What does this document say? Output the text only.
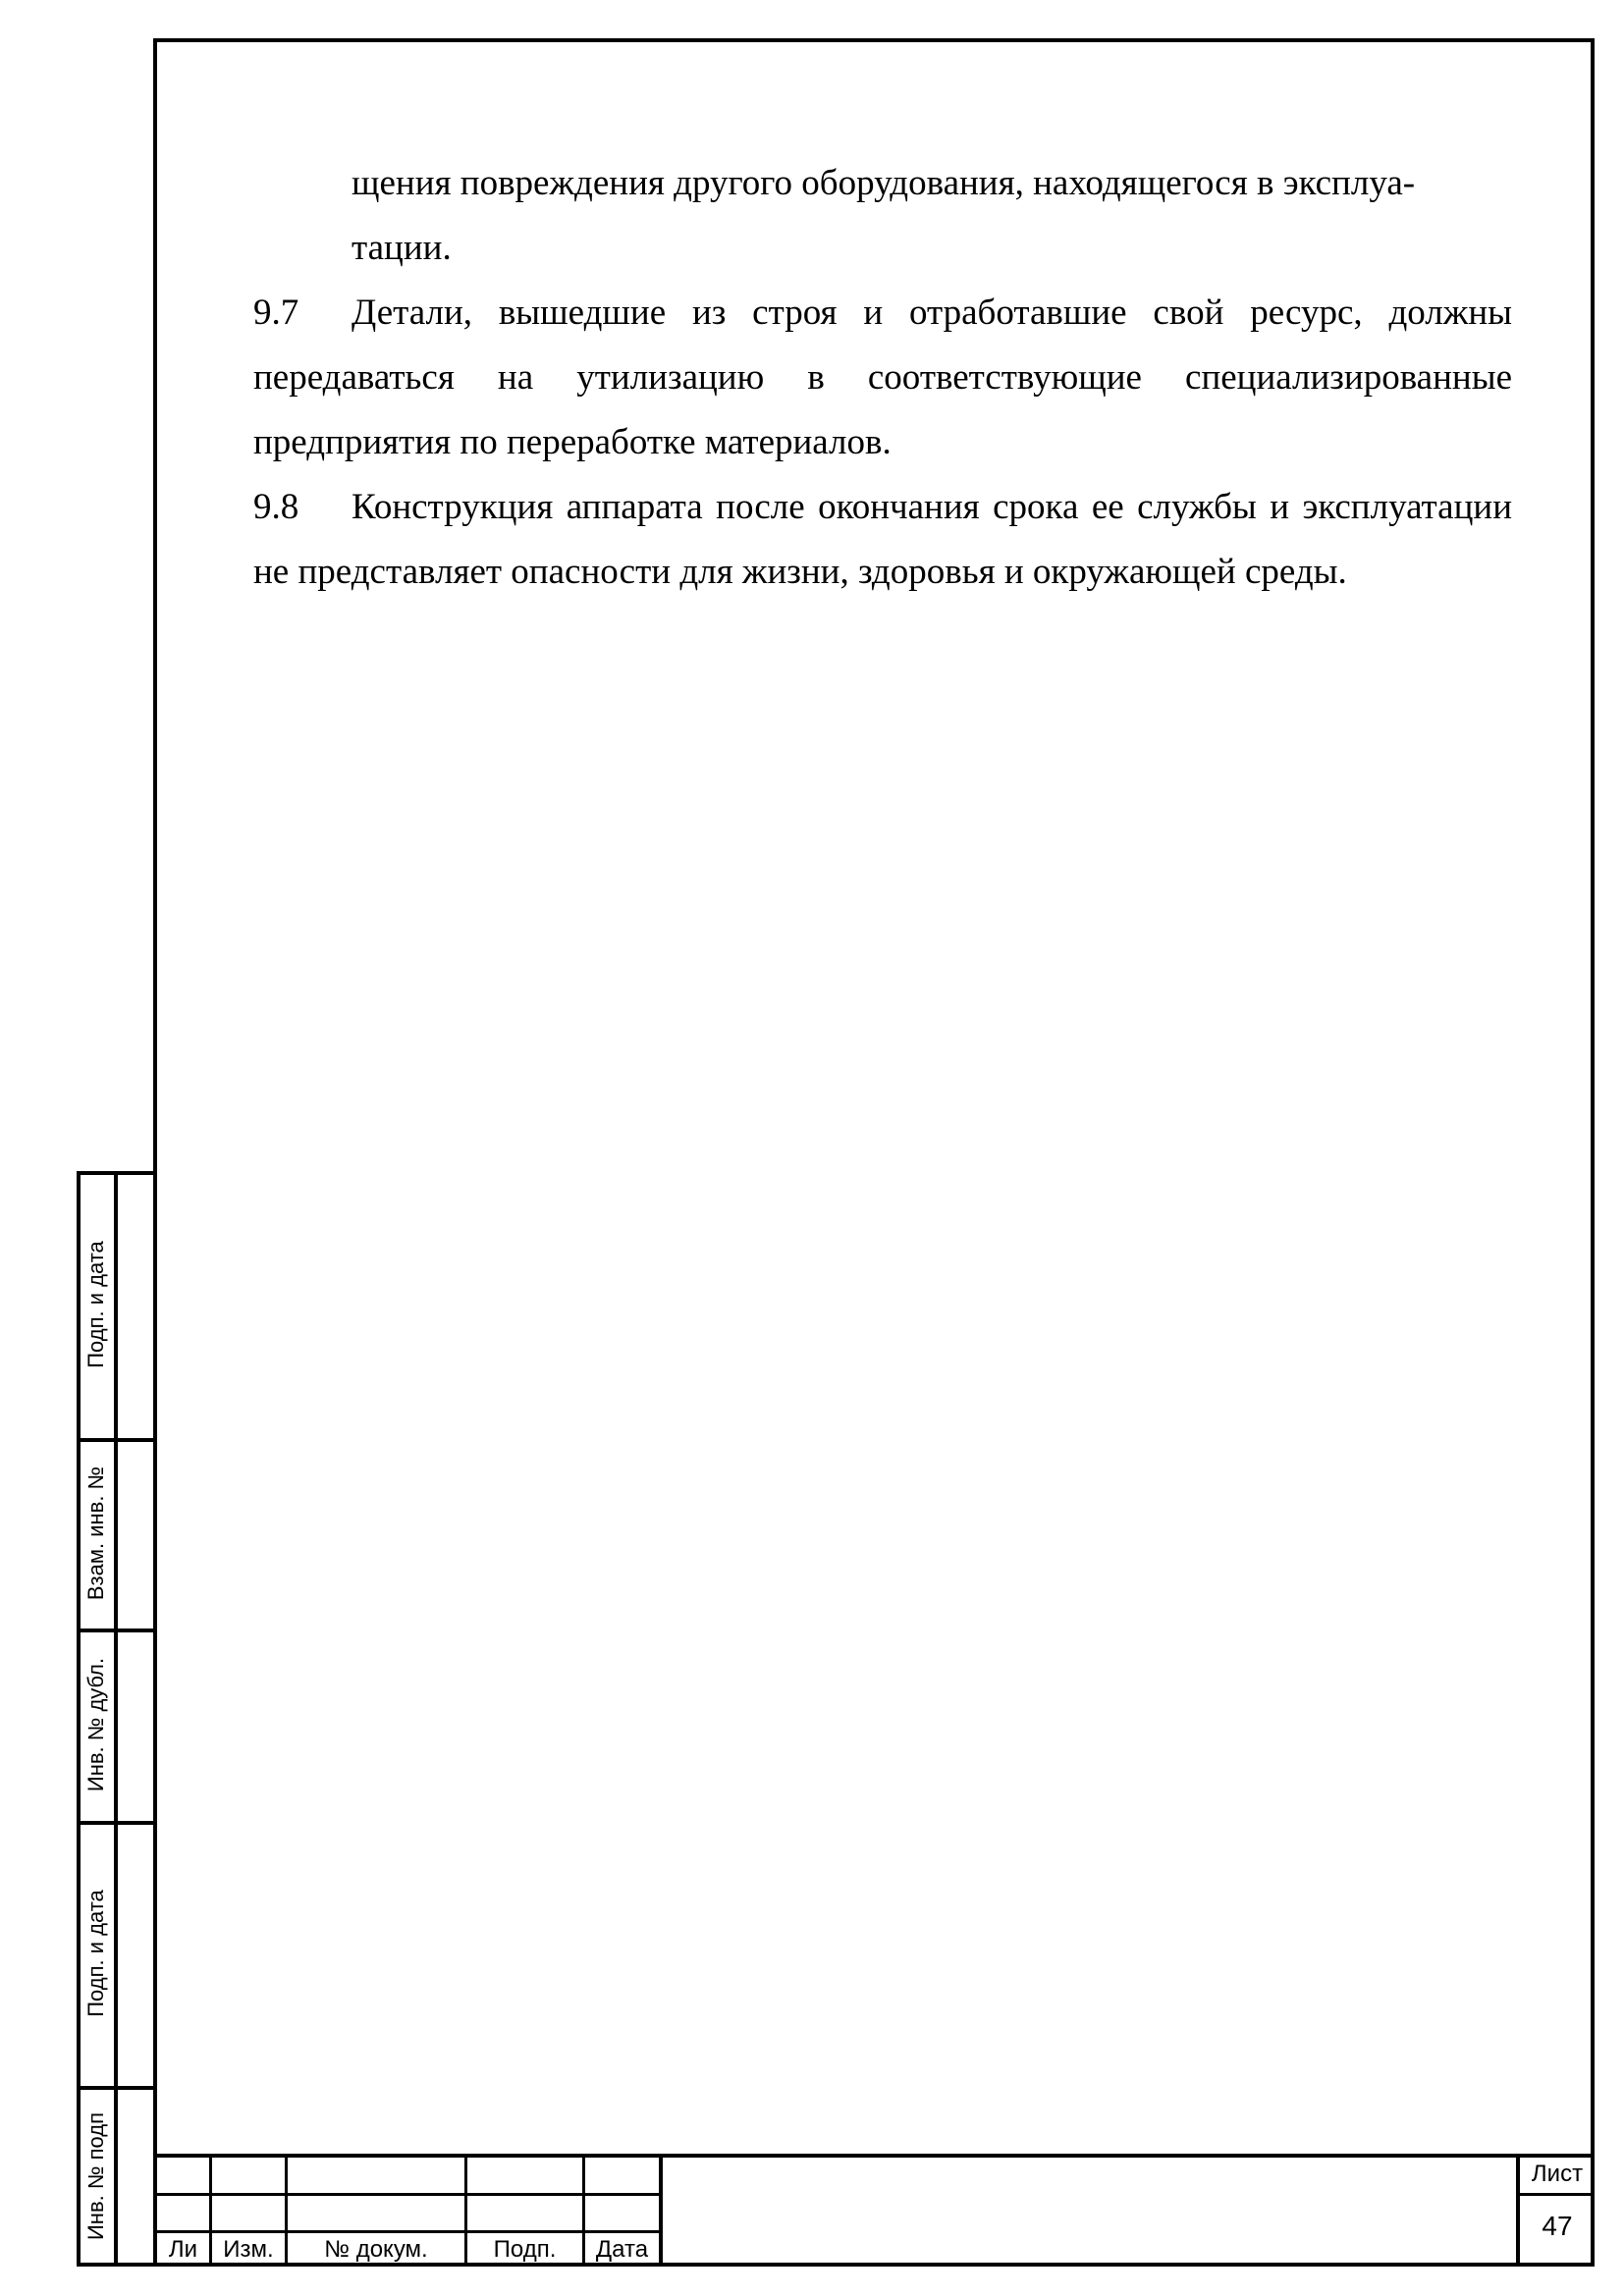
щения повреждения другого оборудования, находящегося в эксплуа-
тации.

9.7 Детали, вышедшие из строя и отработавшие свой ресурс, должны передаваться на утилизацию в соответствующие специализированные предприятия по переработке материалов.

9.8 Конструкция аппарата после окончания срока ее службы и эксплуатации не представляет опасности для жизни, здоровья и окружающей среды.

Подп. и дата
Взам. инв. №
Инв. № дубл.
Подп. и дата
Инв. № подп
Ли	Изм.	№ докум.	Подп.	Дата
Лист
47
